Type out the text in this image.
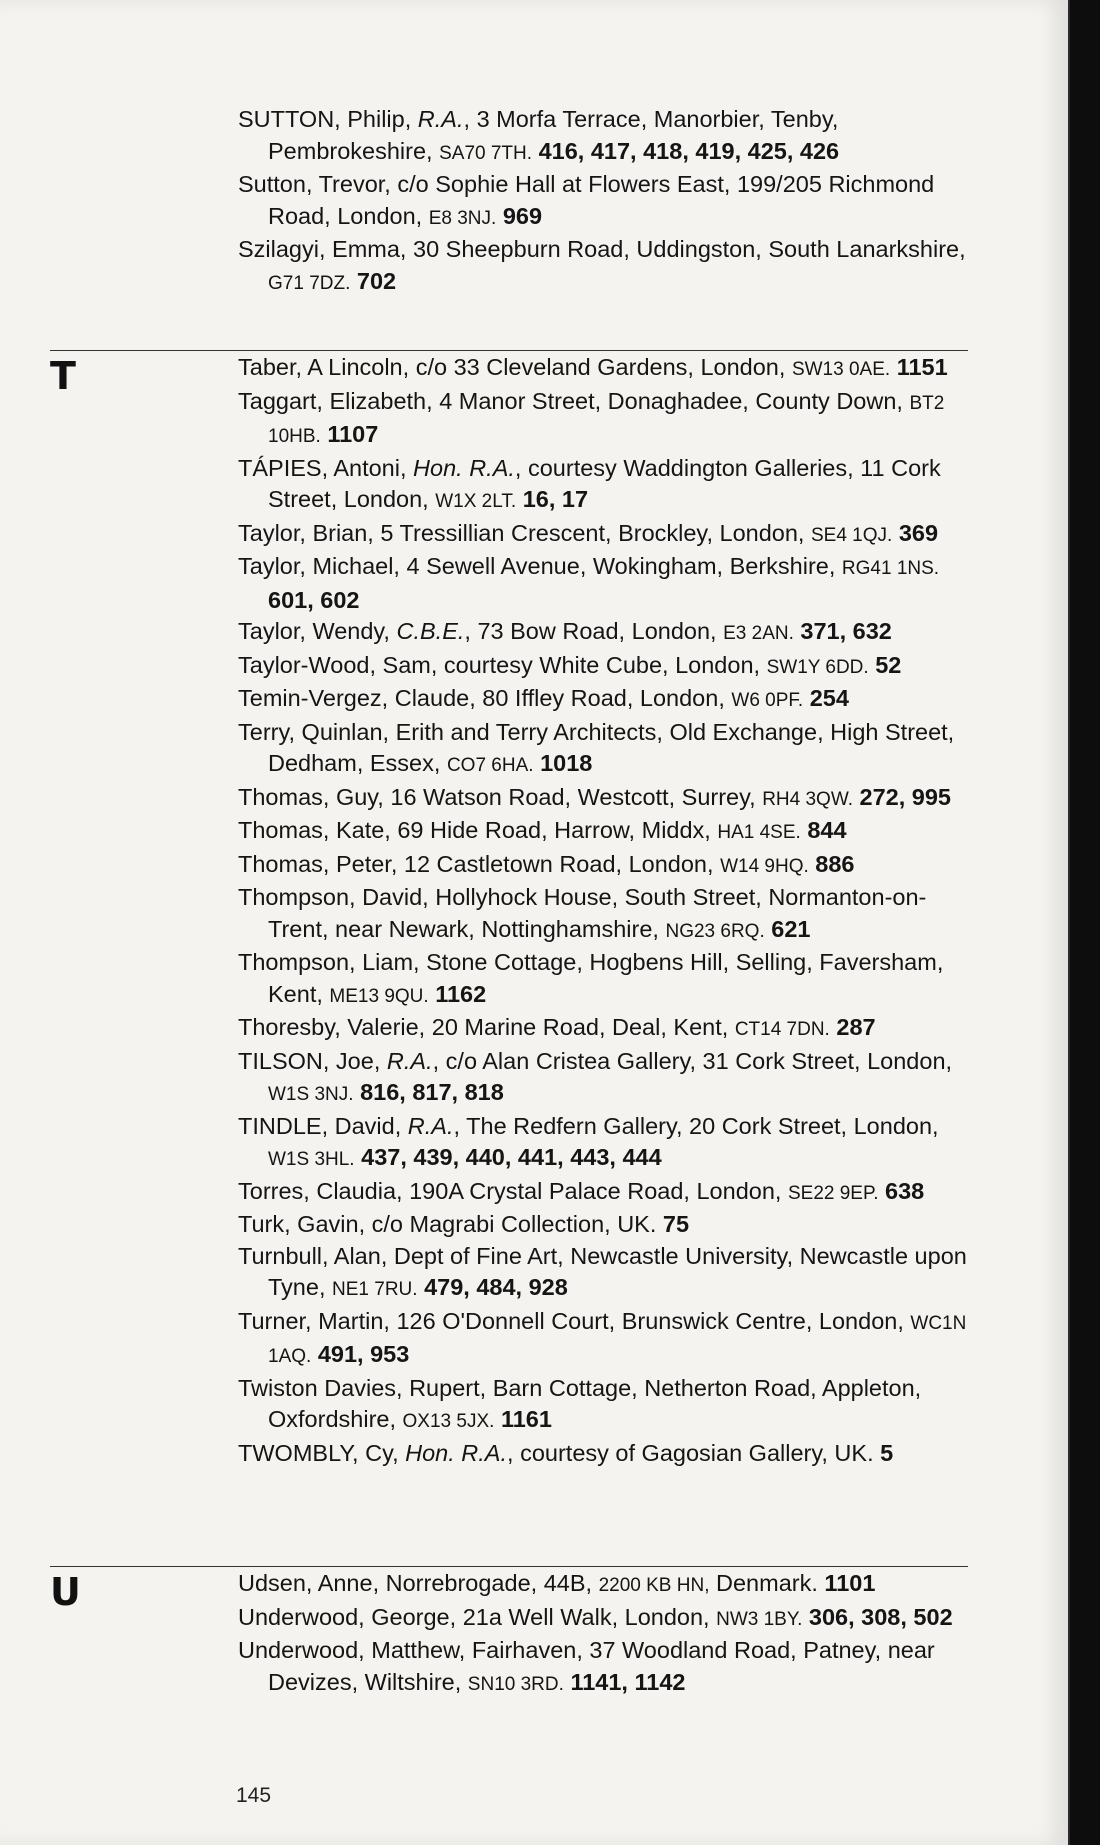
SUTTON, Philip, R.A., 3 Morfa Terrace, Manorbier, Tenby, Pembrokeshire, SA70 7TH. 416, 417, 418, 419, 425, 426

Sutton, Trevor, c/o Sophie Hall at Flowers East, 199/205 Richmond Road, London, E8 3NJ. 969

Szilagyi, Emma, 30 Sheepburn Road, Uddingston, South Lanarkshire, G71 7DZ. 702

T	Taber, A Lincoln, c/o 33 Cleveland Gardens, London, SW13 0AE. 1151

Taggart, Elizabeth, 4 Manor Street, Donaghadee, County Down, BT2 10HB. 1107

TÁPIES, Antoni, Hon. R.A., courtesy Waddington Galleries, 11 Cork Street, London, W1X 2LT. 16, 17

Taylor, Brian, 5 Tressillian Crescent, Brockley, London, SE4 1QJ. 369

Taylor, Michael, 4 Sewell Avenue, Wokingham, Berkshire, RG41 1NS. 601, 602

Taylor, Wendy, C.B.E., 73 Bow Road, London, E3 2AN. 371, 632

Taylor-Wood, Sam, courtesy White Cube, London, SW1Y 6DD. 52

Temin-Vergez, Claude, 80 Iffley Road, London, W6 0PF. 254

Terry, Quinlan, Erith and Terry Architects, Old Exchange, High Street, Dedham, Essex, CO7 6HA. 1018

Thomas, Guy, 16 Watson Road, Westcott, Surrey, RH4 3QW. 272, 995

Thomas, Kate, 69 Hide Road, Harrow, Middx, HA1 4SE. 844

Thomas, Peter, 12 Castletown Road, London, W14 9HQ. 886

Thompson, David, Hollyhock House, South Street, Normanton-on-Trent, near Newark, Nottinghamshire, NG23 6RQ. 621

Thompson, Liam, Stone Cottage, Hogbens Hill, Selling, Faversham, Kent, ME13 9QU. 1162

Thoresby, Valerie, 20 Marine Road, Deal, Kent, CT14 7DN. 287

TILSON, Joe, R.A., c/o Alan Cristea Gallery, 31 Cork Street, London, W1S 3NJ. 816, 817, 818

TINDLE, David, R.A., The Redfern Gallery, 20 Cork Street, London, W1S 3HL. 437, 439, 440, 441, 443, 444

Torres, Claudia, 190A Crystal Palace Road, London, SE22 9EP. 638

Turk, Gavin, c/o Magrabi Collection, UK. 75

Turnbull, Alan, Dept of Fine Art, Newcastle University, Newcastle upon Tyne, NE1 7RU. 479, 484, 928

Turner, Martin, 126 O'Donnell Court, Brunswick Centre, London, WC1N 1AQ. 491, 953

Twiston Davies, Rupert, Barn Cottage, Netherton Road, Appleton, Oxfordshire, OX13 5JX. 1161

TWOMBLY, Cy, Hon. R.A., courtesy of Gagosian Gallery, UK. 5

U	Udsen, Anne, Norrebrogade, 44B, 2200 KB HN, Denmark. 1101

Underwood, George, 21a Well Walk, London, NW3 1BY. 306, 308, 502

Underwood, Matthew, Fairhaven, 37 Woodland Road, Patney, near Devizes, Wiltshire, SN10 3RD. 1141, 1142

145
